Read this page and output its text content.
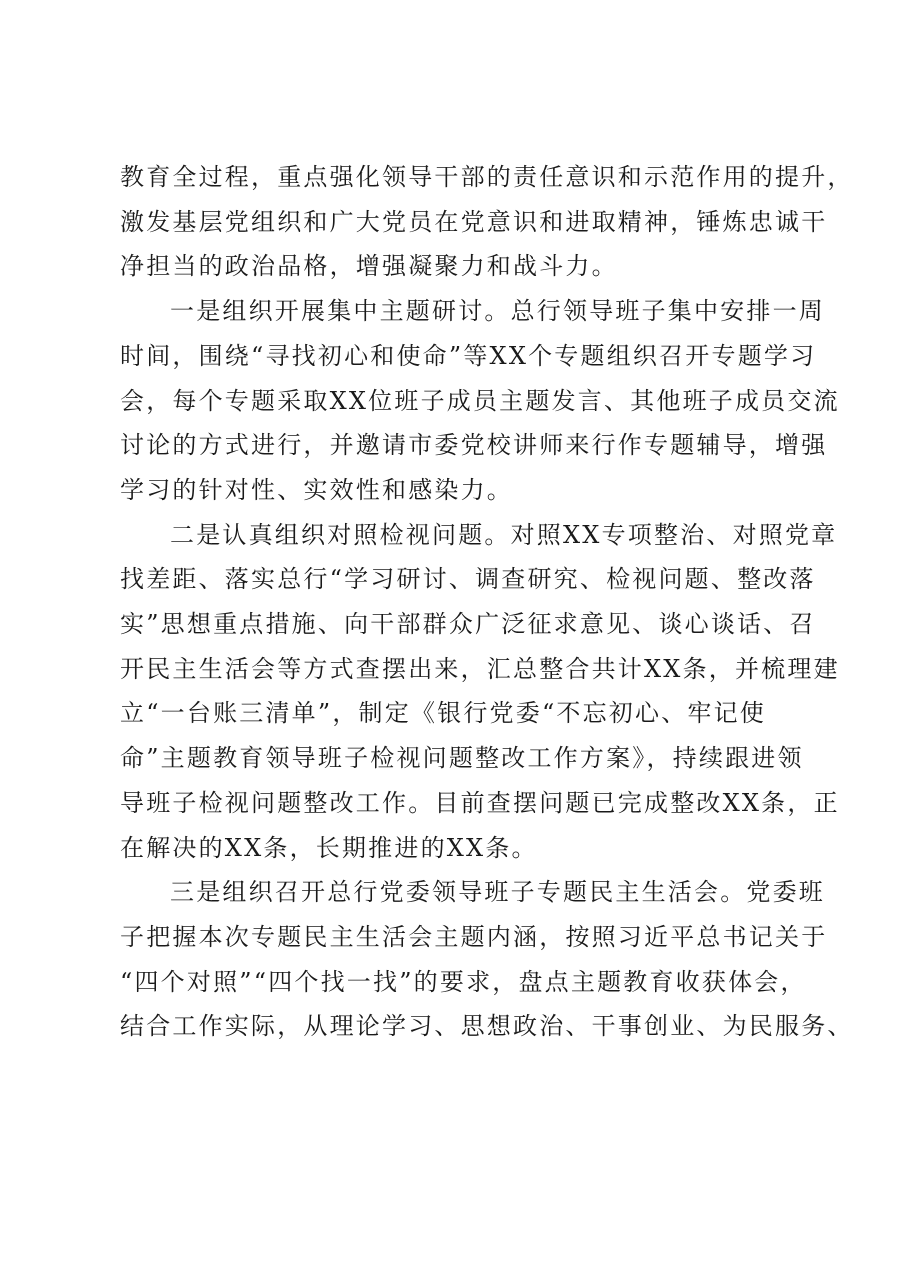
教育全过程，重点强化领导干部的责任意识和示范作用的提升，
激发基层党组织和广大党员在党意识和进取精神，锤炼忠诚干
净担当的政治品格，增强凝聚力和战斗力。

一是组织开展集中主题研讨。总行领导班子集中安排一周
时间，围绕“寻找初心和使命”等XX个专题组织召开专题学习
会，每个专题采取XX位班子成员主题发言、其他班子成员交流
讨论的方式进行，并邀请市委党校讲师来行作专题辅导，增强
学习的针对性、实效性和感染力。

二是认真组织对照检视问题。对照XX专项整治、对照党章
找差距、落实总行“学习研讨、调查研究、检视问题、整改落
实”思想重点措施、向干部群众广泛征求意见、谈心谈话、召
开民主生活会等方式查摆出来，汇总整合共计XX条，并梳理建
立“一台账三清单”，制定《银行党委“不忘初心、牢记使
命”主题教育领导班子检视问题整改工作方案》，持续跟进领
导班子检视问题整改工作。目前查摆问题已完成整改XX条，正
在解决的XX条，长期推进的XX条。

三是组织召开总行党委领导班子专题民主生活会。党委班
子把握本次专题民主生活会主题内涵，按照习近平总书记关于
“四个对照”“四个找一找”的要求，盘点主题教育收获体会，
结合工作实际，从理论学习、思想政治、干事创业、为民服务、
